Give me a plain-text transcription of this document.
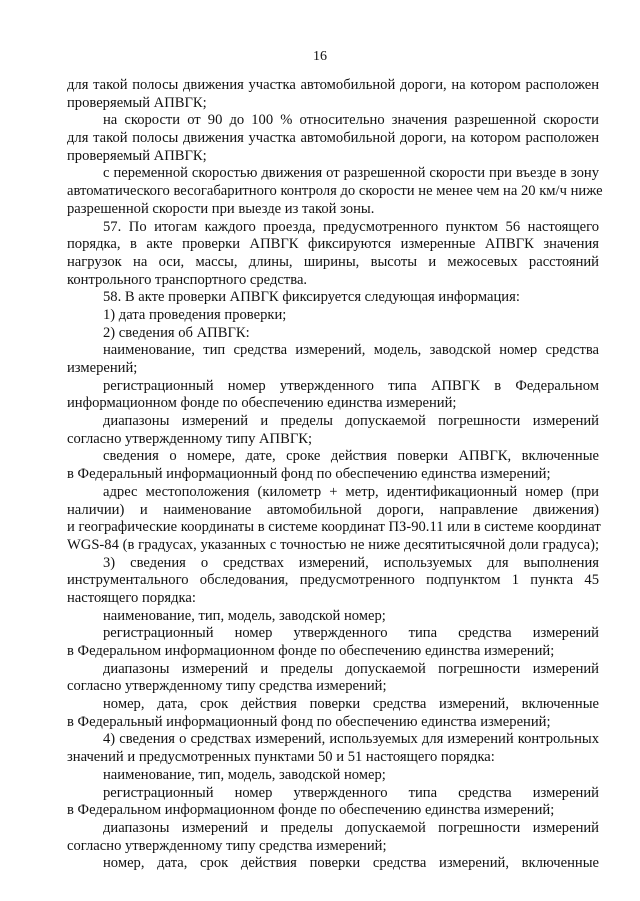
16
для такой полосы движения участка автомобильной дороги, на котором расположен
проверяемый АПВГК;
на скорости от 90 до 100 % относительно значения разрешенной скорости
для такой полосы движения участка автомобильной дороги, на котором расположен
проверяемый АПВГК;
с переменной скоростью движения от разрешенной скорости при въезде в зону
автоматического весогабаритного контроля до скорости не менее чем на 20 км/ч ниже
разрешенной скорости при выезде из такой зоны.
57. По итогам каждого проезда, предусмотренного пунктом 56 настоящего
порядка, в акте проверки АПВГК фиксируются измеренные АПВГК значения
нагрузок на оси, массы, длины, ширины, высоты и межосевых расстояний
контрольного транспортного средства.
58. В акте проверки АПВГК фиксируется следующая информация:
1) дата проведения проверки;
2) сведения об АПВГК:
наименование, тип средства измерений, модель, заводской номер средства
измерений;
регистрационный номер утвержденного типа АПВГК в Федеральном
информационном фонде по обеспечению единства измерений;
диапазоны измерений и пределы допускаемой погрешности измерений
согласно утвержденному типу АПВГК;
сведения о номере, дате, сроке действия поверки АПВГК, включенные
в Федеральный информационный фонд по обеспечению единства измерений;
адрес местоположения (километр + метр, идентификационный номер (при
наличии) и наименование автомобильной дороги, направление движения)
и географические координаты в системе координат ПЗ-90.11 или в системе координат
WGS-84 (в градусах, указанных с точностью не ниже десятитысячной доли градуса);
3) сведения о средствах измерений, используемых для выполнения
инструментального обследования, предусмотренного подпунктом 1 пункта 45
настоящего порядка:
наименование, тип, модель, заводской номер;
регистрационный номер утвержденного типа средства измерений
в Федеральном информационном фонде по обеспечению единства измерений;
диапазоны измерений и пределы допускаемой погрешности измерений
согласно утвержденному типу средства измерений;
номер, дата, срок действия поверки средства измерений, включенные
в Федеральный информационный фонд по обеспечению единства измерений;
4) сведения о средствах измерений, используемых для измерений контрольных
значений и предусмотренных пунктами 50 и 51 настоящего порядка:
наименование, тип, модель, заводской номер;
регистрационный номер утвержденного типа средства измерений
в Федеральном информационном фонде по обеспечению единства измерений;
диапазоны измерений и пределы допускаемой погрешности измерений
согласно утвержденному типу средства измерений;
номер, дата, срок действия поверки средства измерений, включенные
